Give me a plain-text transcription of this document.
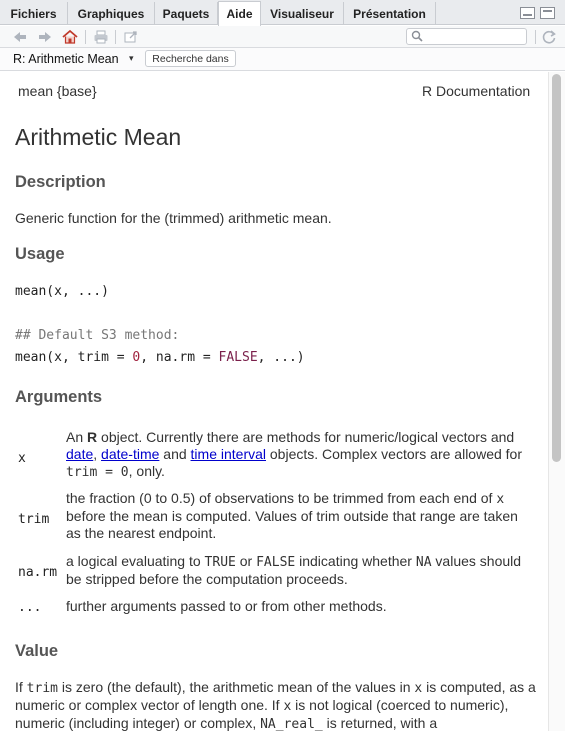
Fichiers Graphiques Paquets Aide Visualiseur Présentation
R: Arithmetic Mean ▾	Recherche dans
mean {base}	R Documentation
Arithmetic Mean
Description
Generic function for the (trimmed) arithmetic mean.
Usage
mean(x, ...)
## Default S3 method:
mean(x, trim = 0, na.rm = FALSE, ...)
Arguments
x
An R object. Currently there are methods for numeric/logical vectors and date, date-time and time interval objects. Complex vectors are allowed for trim = 0, only.
trim
the fraction (0 to 0.5) of observations to be trimmed from each end of x before the mean is computed. Values of trim outside that range are taken as the nearest endpoint.
na.rm
a logical evaluating to TRUE or FALSE indicating whether NA values should be stripped before the computation proceeds.
... further arguments passed to or from other methods.
Value
If trim is zero (the default), the arithmetic mean of the values in x is computed, as a numeric or complex vector of length one. If x is not logical (coerced to numeric), numeric (including integer) or complex, NA_real_ is returned, with a
